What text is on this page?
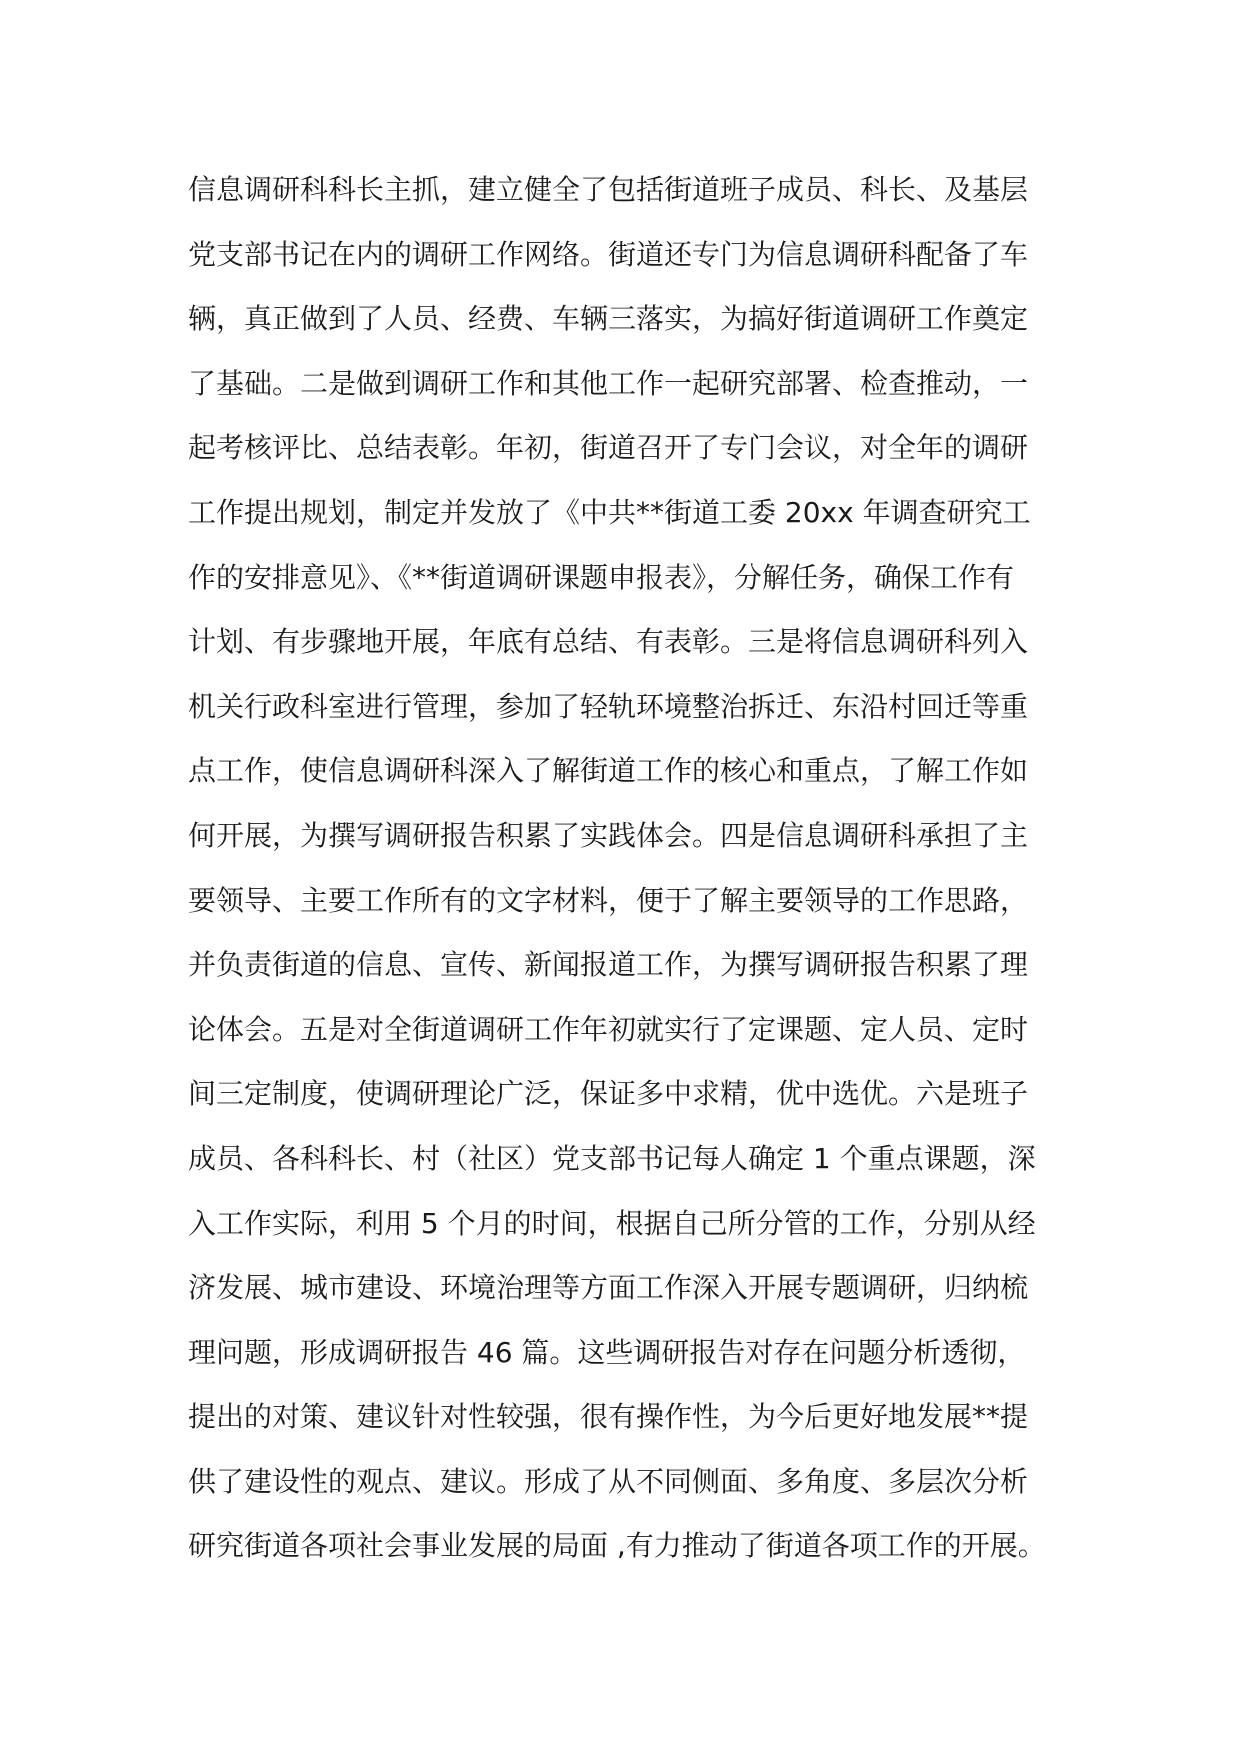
信息调研科科长主抓，建立健全了包括街道班子成员、科长、及基层
党支部书记在内的调研工作网络。街道还专门为信息调研科配备了车
辆，真正做到了人员、经费、车辆三落实，为搞好街道调研工作奠定
了基础。二是做到调研工作和其他工作一起研究部署、检查推动，一
起考核评比、总结表彰。年初，街道召开了专门会议，对全年的调研
工作提出规划，制定并发放了《中共**街道工委 20xx 年调查研究工
作的安排意见》、《**街道调研课题申报表》，分解任务，确保工作有
计划、有步骤地开展，年底有总结、有表彰。三是将信息调研科列入
机关行政科室进行管理，参加了轻轨环境整治拆迁、东沿村回迁等重
点工作，使信息调研科深入了解街道工作的核心和重点，了解工作如
何开展，为撰写调研报告积累了实践体会。四是信息调研科承担了主
要领导、主要工作所有的文字材料，便于了解主要领导的工作思路，
并负责街道的信息、宣传、新闻报道工作，为撰写调研报告积累了理
论体会。五是对全街道调研工作年初就实行了定课题、定人员、定时
间三定制度，使调研理论广泛，保证多中求精，优中选优。六是班子
成员、各科科长、村（社区）党支部书记每人确定 1 个重点课题，深
入工作实际，利用 5 个月的时间，根据自己所分管的工作，分别从经
济发展、城市建设、环境治理等方面工作深入开展专题调研，归纳梳
理问题，形成调研报告 46 篇。这些调研报告对存在问题分析透彻，
提出的对策、建议针对性较强，很有操作性，为今后更好地发展**提
供了建设性的观点、建议。形成了从不同侧面、多角度、多层次分析
研究街道各项社会事业发展的局面 ,有力推动了街道各项工作的开展。
